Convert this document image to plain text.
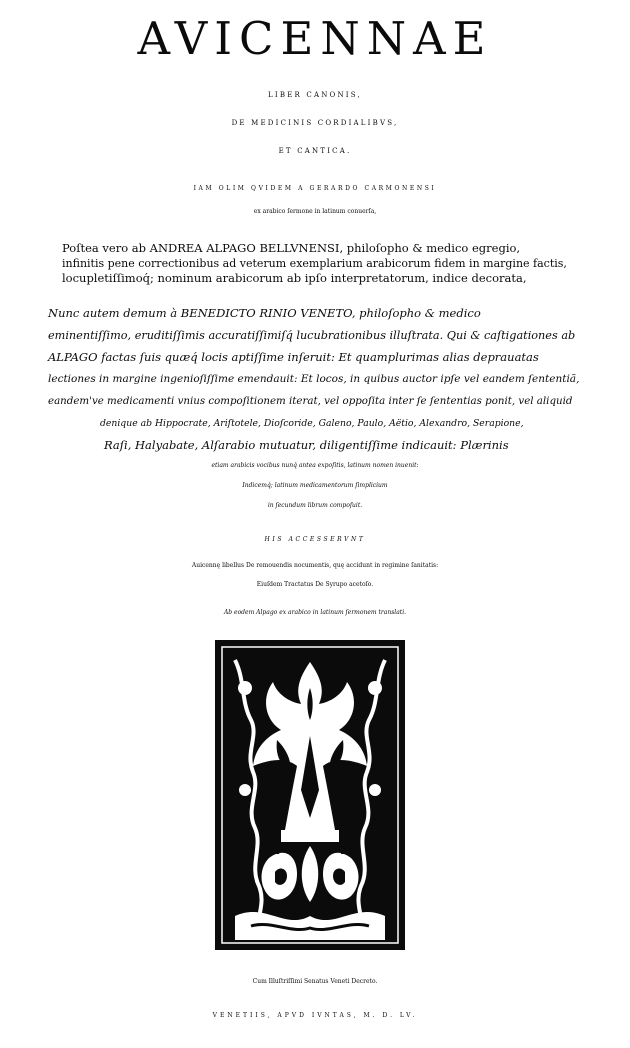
AVICENNAE
LIBER CANONIS,
DE MEDICINIS CORDIALIBVS,
ET CANTICA.
IAM OLIM QVIDEM A GERARDO CARMONENSI
ex arabico ſermone in latinum conuerſa,
Poſtea vero ab ANDREA ALPAGO BELLVNENSI, philoſopho & medico egregio,
infinitis pene correctionibus ad veterum exemplarium arabicorum fidem in margine factis,
locupletiſſimoq́; nominum arabicorum ab ipſo interpretatorum, indice decorata,
Nunc autem demum à BENEDICTO RINIO VENETO, philoſopho & medico
eminentiſſimo, eruditiſſimis accuratiſſimiſq́ lucubrationibus illuſtrata. Qui & caſtigationes ab
ALPAGO factas ſuis quæq́ locis aptiſſime inſeruit: Et quamplurimas alias deprauatas
lectiones in margine ingenioſiſſime emendauit: Et locos, in quibus auctor ipſe vel eandem ſententiã,
eandem've medicamenti vnius compoſitionem iterat, vel oppoſita inter ſe ſententias ponit, vel aliquid
denique ab Hippocrate, Ariſtotele, Dioſcoride, Galeno, Paulo, Aëtio, Alexandro, Serapione,
Raſi, Halyabate, Alſarabio mutuatur, diligentiſſime indicauit: Plærinis
etiam arabicis vocibus nunq́ antea expoſitis, latinum nomen inuenit:
Indicemq́; latinum medicamentorum ſimplicium
in ſecundum librum compoſuit.
HIS ACCESSERVNT
Auicennę libellus De remouendis nocumentis, quę accidunt in regimine ſanitatis:
Eiuſdem Tractatus De Syrupo acetoſo.
Ab eodem Alpago ex arabico in latinum ſermonem translati.
L	A
Cum Illuſtriſſimi Senatus Veneti Decreto.
VENETIIS, APVD IVNTAS, M. D. LV.
